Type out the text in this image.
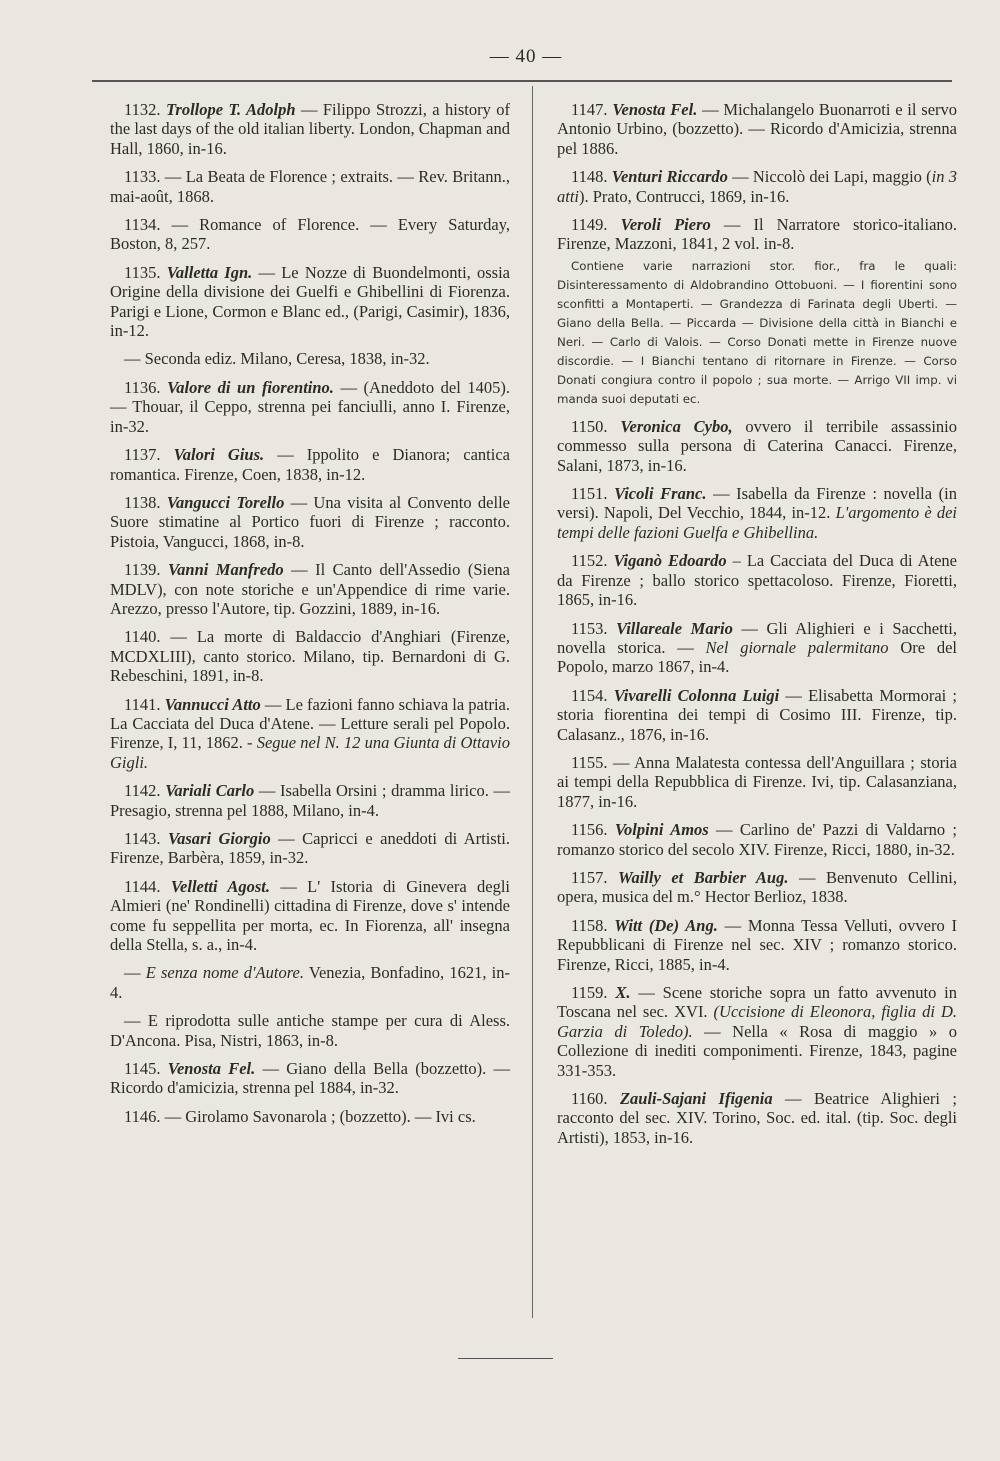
— 40 —

1132. Trollope T. Adolph — Filippo Strozzi, a history of the last days of the old italian liberty. London, Chapman and Hall, 1860, in-16.

1133. — La Beata de Florence ; extraits. — Rev. Britann., mai-août, 1868.

1134. — Romance of Florence. — Every Saturday, Boston, 8, 257.

1135. Valletta Ign. — Le Nozze di Buondelmonti, ossia Origine della divisione dei Guelfi e Ghibellini di Fiorenza. Parigi e Lione, Cormon e Blanc ed., (Parigi, Casimir), 1836, in-12.

— Seconda ediz. Milano, Ceresa, 1838, in-32.

1136. Valore di un fiorentino. — (Aneddoto del 1405). — Thouar, il Ceppo, strenna pei fanciulli, anno I. Firenze, in-32.

1137. Valori Gius. — Ippolito e Dianora; cantica romantica. Firenze, Coen, 1838, in-12.

1138. Vangucci Torello — Una visita al Convento delle Suore stimatine al Portico fuori di Firenze ; racconto. Pistoia, Vangucci, 1868, in-8.

1139. Vanni Manfredo — Il Canto dell'Assedio (Siena MDLV), con note storiche e un'Appendice di rime varie. Arezzo, presso l'Autore, tip. Gozzini, 1889, in-16.

1140. — La morte di Baldaccio d'Anghiari (Firenze, MCDXLIII), canto storico. Milano, tip. Bernardoni di G. Rebeschini, 1891, in-8.

1141. Vannucci Atto — Le fazioni fanno schiava la patria. La Cacciata del Duca d'Atene. — Letture serali pel Popolo. Firenze, I, 11, 1862. - Segue nel N. 12 una Giunta di Ottavio Gigli.

1142. Variali Carlo — Isabella Orsini ; dramma lirico. — Presagio, strenna pel 1888, Milano, in-4.

1143. Vasari Giorgio — Capricci e aneddoti di Artisti. Firenze, Barbèra, 1859, in-32.

1144. Velletti Agost. — L' Istoria di Ginevera degli Almieri (ne' Rondinelli) cittadina di Firenze, dove s' intende come fu seppellita per morta, ec. In Fiorenza, all' insegna della Stella, s. a., in-4.

— E senza nome d'Autore. Venezia, Bonfadino, 1621, in-4.

— E riprodotta sulle antiche stampe per cura di Aless. D'Ancona. Pisa, Nistri, 1863, in-8.

1145. Venosta Fel. — Giano della Bella (bozzetto). — Ricordo d'amicizia, strenna pel 1884, in-32.

1146. — Girolamo Savonarola ; (bozzetto). — Ivi cs.

1147. Venosta Fel. — Michalangelo Buonarroti e il servo Antonio Urbino, (bozzetto). — Ricordo d'Amicizia, strenna pel 1886.

1148. Venturi Riccardo — Niccolò dei Lapi, maggio (in 3 atti). Prato, Contrucci, 1869, in-16.

1149. Veroli Piero — Il Narratore storico-italiano. Firenze, Mazzoni, 1841, 2 vol. in-8.

Contiene varie narrazioni stor. fior., fra le quali: Disinteressamento di Aldobrandino Ottobuoni. — I fiorentini sono sconfitti a Montaperti. — Grandezza di Farinata degli Uberti. — Giano della Bella. — Piccarda — Divisione della città in Bianchi e Neri. — Carlo di Valois. — Corso Donati mette in Firenze nuove discordie. — I Bianchi tentano di ritornare in Firenze. — Corso Donati congiura contro il popolo ; sua morte. — Arrigo VII imp. vi manda suoi deputati ec.

1150. Veronica Cybo, ovvero il terribile assassinio commesso sulla persona di Caterina Canacci. Firenze, Salani, 1873, in-16.

1151. Vicoli Franc. — Isabella da Firenze : novella (in versi). Napoli, Del Vecchio, 1844, in-12. L'argomento è dei tempi delle fazioni Guelfa e Ghibellina.

1152. Viganò Edoardo – La Cacciata del Duca di Atene da Firenze ; ballo storico spettacoloso. Firenze, Fioretti, 1865, in-16.

1153. Villareale Mario — Gli Alighieri e i Sacchetti, novella storica. — Nel giornale palermitano Ore del Popolo, marzo 1867, in-4.

1154. Vivarelli Colonna Luigi — Elisabetta Mormorai ; storia fiorentina dei tempi di Cosimo III. Firenze, tip. Calasanz., 1876, in-16.

1155. — Anna Malatesta contessa dell'Anguillara ; storia ai tempi della Repubblica di Firenze. Ivi, tip. Calasanziana, 1877, in-16.

1156. Volpini Amos — Carlino de' Pazzi di Valdarno ; romanzo storico del secolo XIV. Firenze, Ricci, 1880, in-32.

1157. Wailly et Barbier Aug. — Benvenuto Cellini, opera, musica del m.° Hector Berlioz, 1838.

1158. Witt (De) Ang. — Monna Tessa Velluti, ovvero I Repubblicani di Firenze nel sec. XIV ; romanzo storico. Firenze, Ricci, 1885, in-4.

1159. X. — Scene storiche sopra un fatto avvenuto in Toscana nel sec. XVI. (Uccisione di Eleonora, figlia di D. Garzia di Toledo). — Nella « Rosa di maggio » o Collezione di inediti componimenti. Firenze, 1843, pagine 331-353.

1160. Zauli-Sajani Ifigenia — Beatrice Alighieri ; racconto del sec. XIV. Torino, Soc. ed. ital. (tip. Soc. degli Artisti), 1853, in-16.
